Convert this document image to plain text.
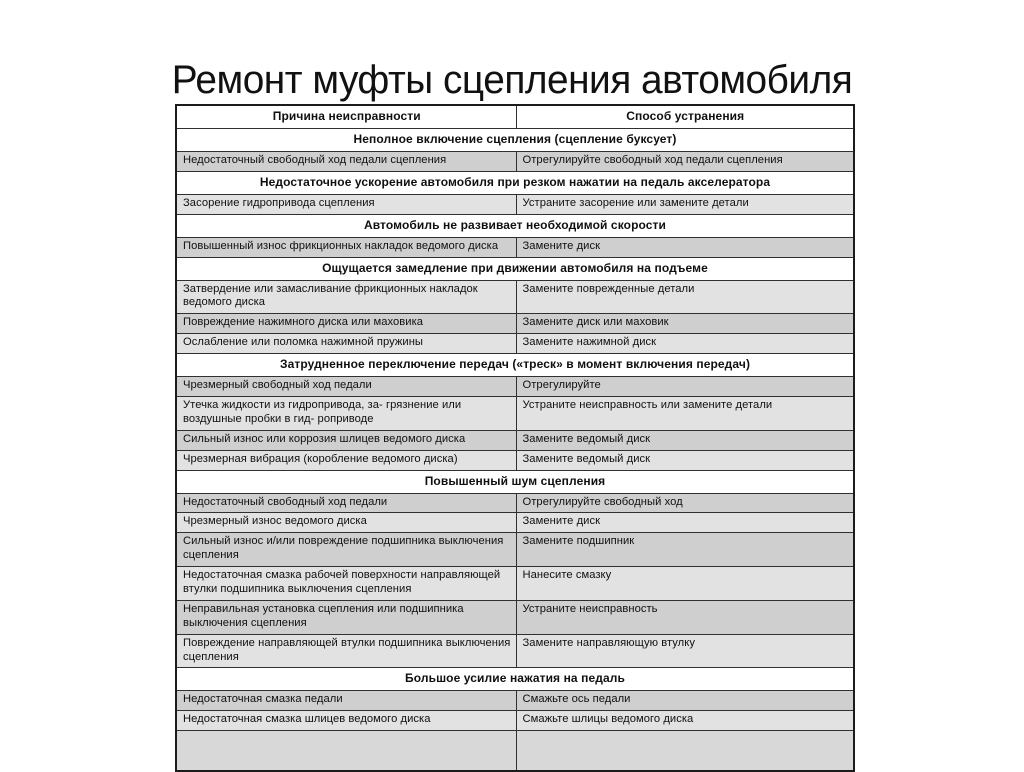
Ремонт муфты сцепления автомобиля
Причина неисправности	Способ устранения
Неполное включение сцепления (сцепление буксует)	
Недостаточный свободный ход педали сцепления	Отрегулируйте свободный ход педали сцепления
Недостаточное ускорение автомобиля при резком нажатии на педаль акселератора	
Засорение гидропривода сцепления	Устраните засорение или замените детали
Автомобиль не развивает необходимой скорости	
Повышенный износ фрикционных накладок ведомого диска	Замените диск
Ощущается замедление при движении автомобиля на подъеме	
Затвердение или замасливание фрикционных накладок ведомого диска	Замените поврежденные детали
Повреждение нажимного диска или маховика	Замените диск или маховик
Ослабление или поломка нажимной пружины	Замените нажимной диск
Затрудненное переключение передач («треск» в момент включения передач)	
Чрезмерный свободный ход педали	Отрегулируйте
Утечка жидкости из гидропривода, за- грязнение или воздушные пробки в гид- роприводе	Устраните неисправность или замените детали
Сильный износ или коррозия шлицев ведомого диска	Замените ведомый диск
Чрезмерная вибрация (коробление ведомого диска)	Замените ведомый диск
Повышенный шум сцепления	
Недостаточный свободный ход педали	Отрегулируйте свободный ход
Чрезмерный износ ведомого диска	Замените диск
Сильный износ и/или повреждение подшипника выключения сцепления	Замените подшипник
Недостаточная смазка рабочей поверхности направляющей втулки подшипника выключения сцепления	Нанесите смазку
Неправильная установка сцепления или подшипника выключения сцепления	Устраните неисправность
Повреждение направляющей втулки подшипника выключения сцепления	Замените направляющую втулку
Большое усилие нажатия на педаль	
Недостаточная смазка педали	Смажьте ось педали
Недостаточная смазка шлицев ведомого диска	Смажьте шлицы ведомого диска
